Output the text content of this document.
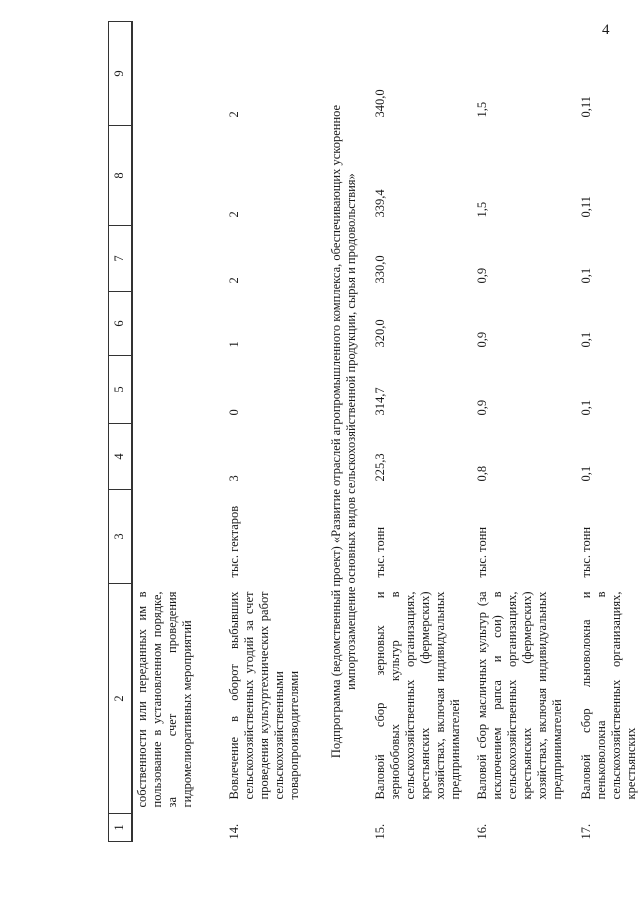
4
1	2	3	4	5	6	7	8	9
	собственности или переданных им в пользование в установленном порядке, за счет проведения гидромелиоративных мероприятий							

14.	Вовлечение в оборот выбывших сельскохозяйственных угодий за счет проведения культуртехнических работ сельскохозяйственными товаропроизводителями
	тыс. гектаров	3	0	1	2	2	2
Подпрограмма (ведомственный проект) «Развитие отраслей агропромышленного комплекса, обеспечивающих ускоренное импортозамещение основных видов сельскохозяйственной продукции, сырья и продовольствия»

15.	Валовой сбор зерновых и зернобобовых культур в сельскохозяйственных организациях, крестьянских (фермерских) хозяйствах, включая индивидуальных предпринимателей
	тыс. тонн	225,3	314,7	320,0	330,0	339,4	340,0

16.	Валовой сбор масличных культур (за исключением рапса и сои) в сельскохозяйственных организациях, крестьянских (фермерских) хозяйствах, включая индивидуальных предпринимателей
	тыс. тонн	0,8	0,9	0,9	0,9	1,5	1,5

17.	Валовой сбор льноволокна и пеньковолокна в сельскохозяйственных организациях, крестьянских
	тыс. тонн	0,1	0,1	0,1	0,1	0,11	0,11
